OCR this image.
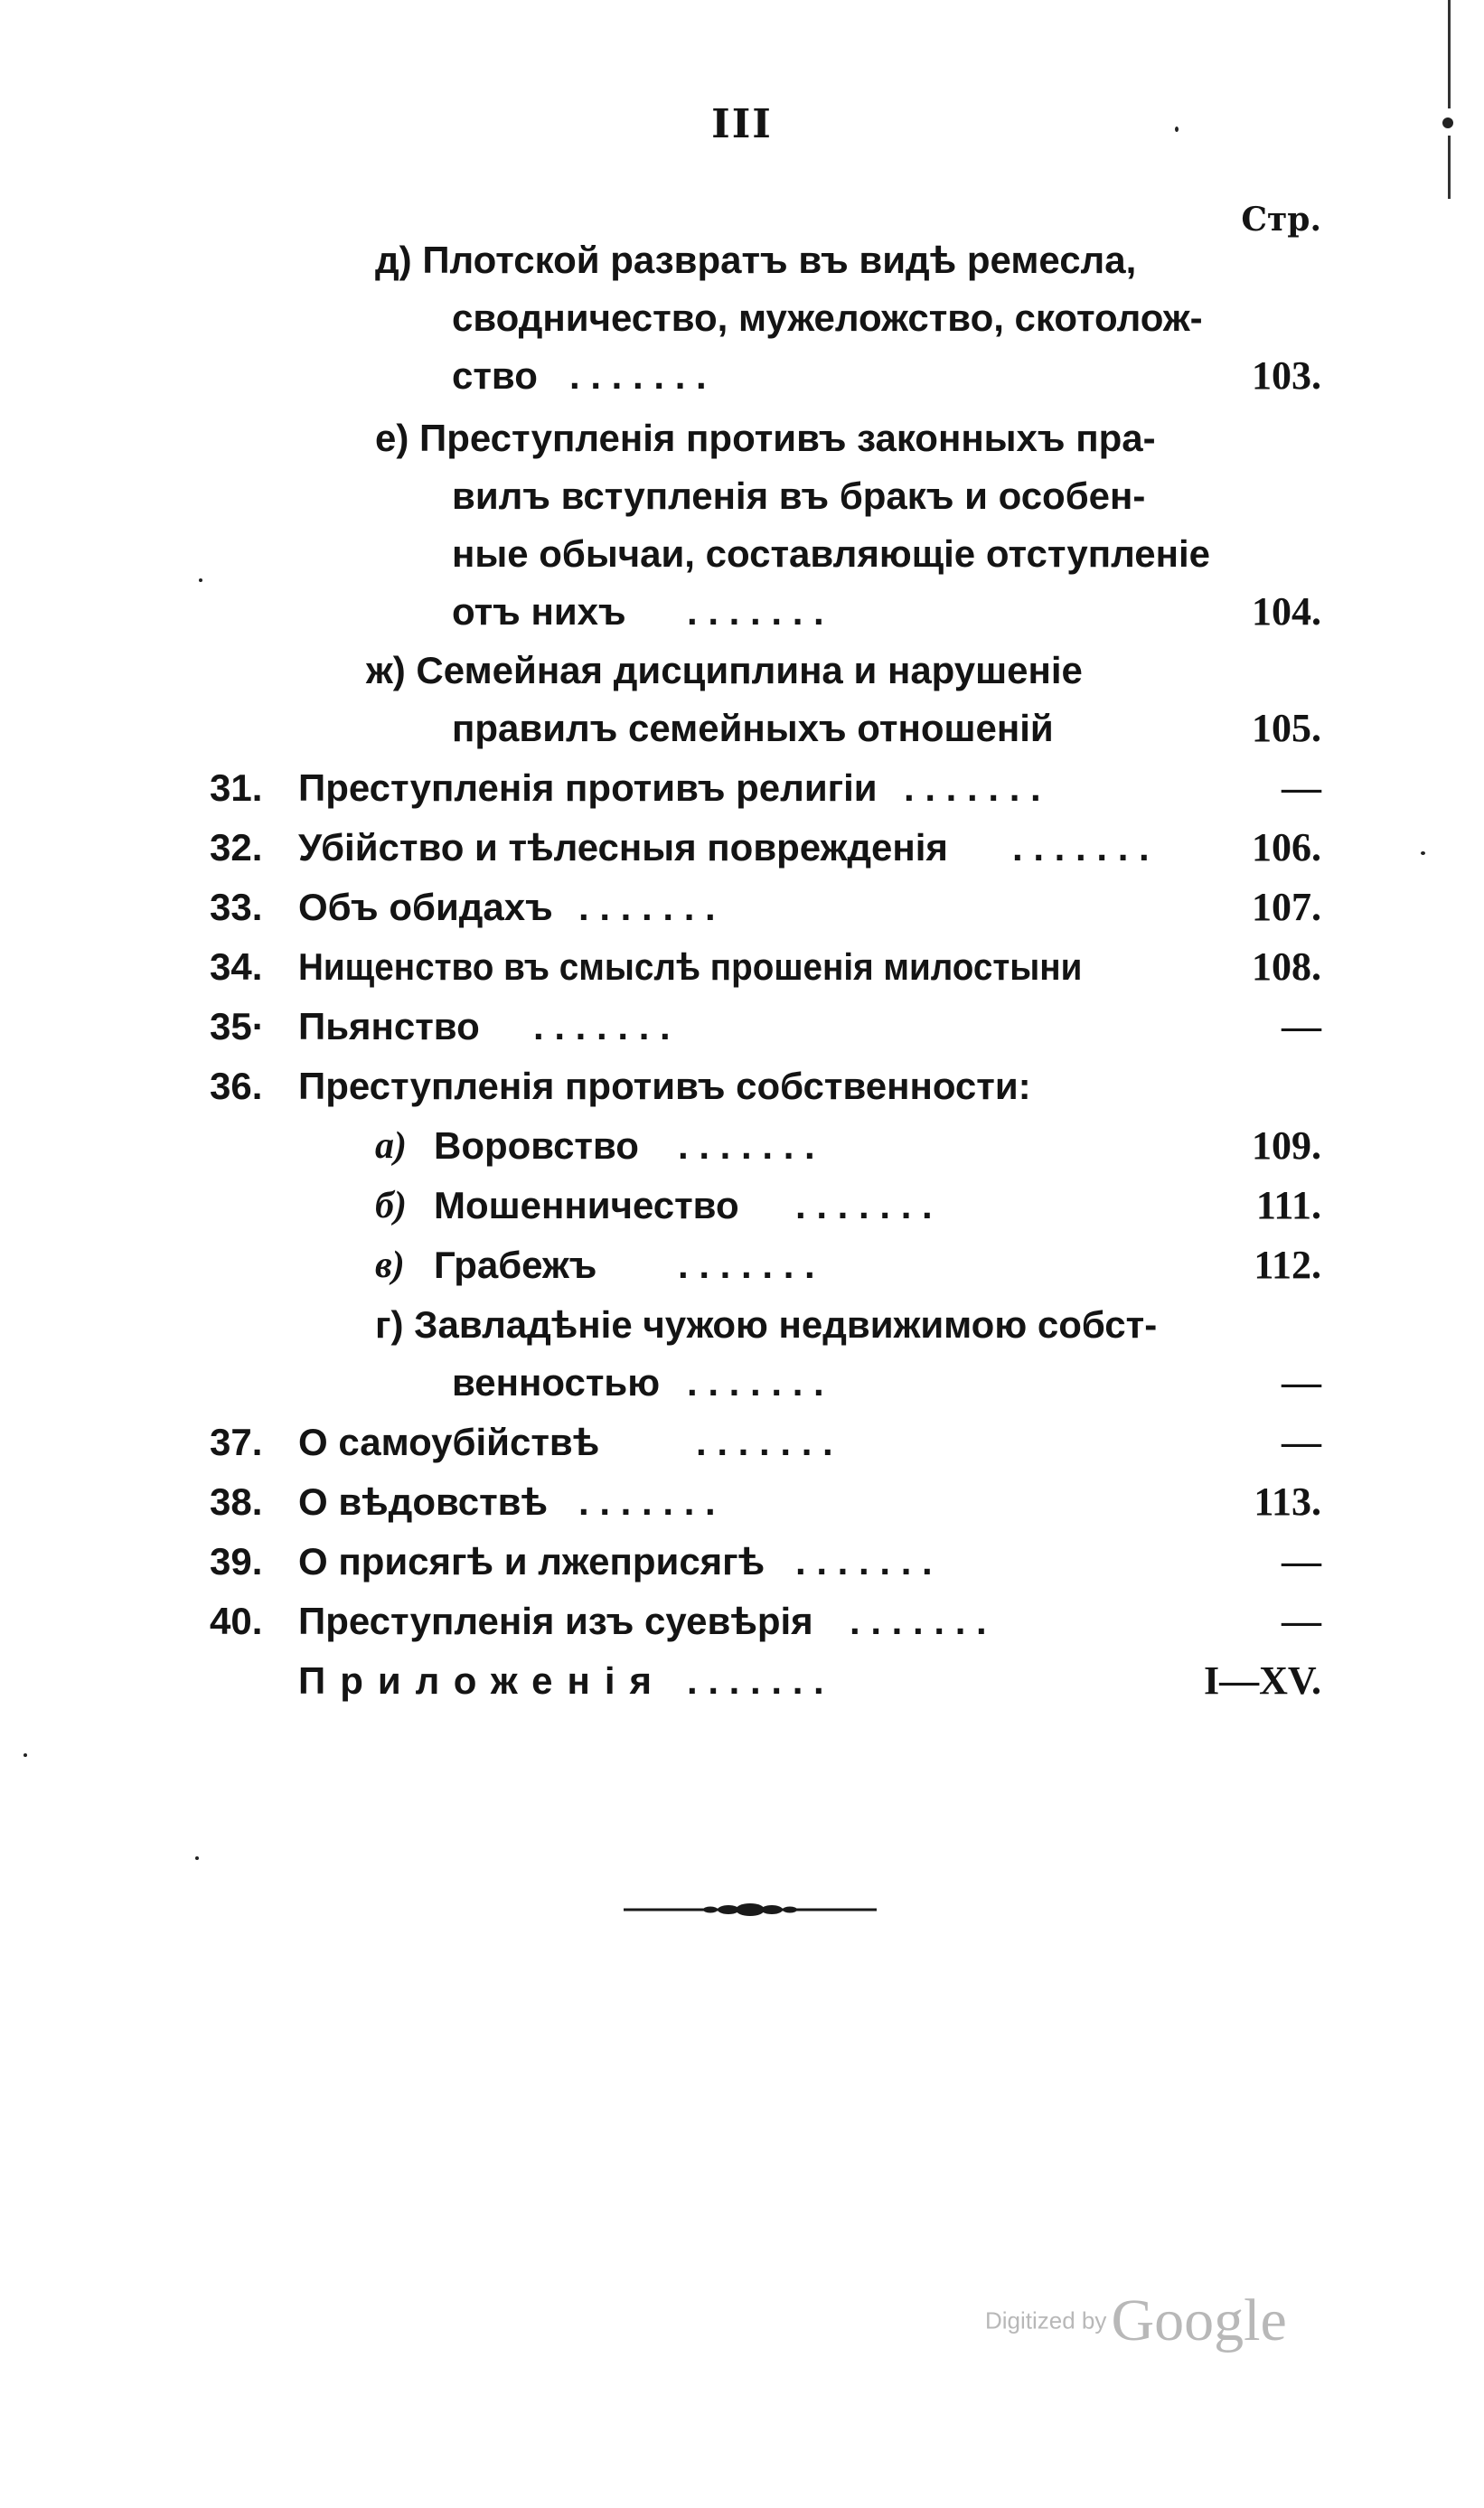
III
Стр.
д) Плотской развратъ въ видѣ ремесла,
сводничество, мужеложство, скотолож-
ство . . . . . . .	103.
е) Преступленія противъ законныхъ пра-
вилъ вступленія въ бракъ и особен-
ные обычаи, составляющіе отступленіе
отъ нихъ . . . . . . .	104.
ж) Семейная дисциплина и нарушеніе
правилъ семейныхъ отношеній	105.
31. Преступленія противъ религіи . . . . . . .	—
32. Убійство и тѣлесныя поврежденія . . . . . . .	106.
33. Объ обидахъ . . . . . . .	107.
34. Нищенство въ смыслѣ прошенія милостыни	108.
35· Пьянство . . . . . . .	—
36. Преступленія противъ собственности:
а) Воровство . . . . . . .	109.
б) Мошенничество . . . . . . .	111.
в) Грабежъ . . . . . . .	112.
г) Завладѣніе чужою недвижимою собст-
венностью . . . . . . .	—
37. О самоубійствѣ	. . . . . . .	—
38. О вѣдовствѣ . . . . . . .	113.
39. О присягѣ и лжеприсягѣ . . . . . . .	—
40. Преступленія изъ суевѣрія . . . . . . .	—
Приложенія . . . . . . .	I—XV.
Digitized by Google
